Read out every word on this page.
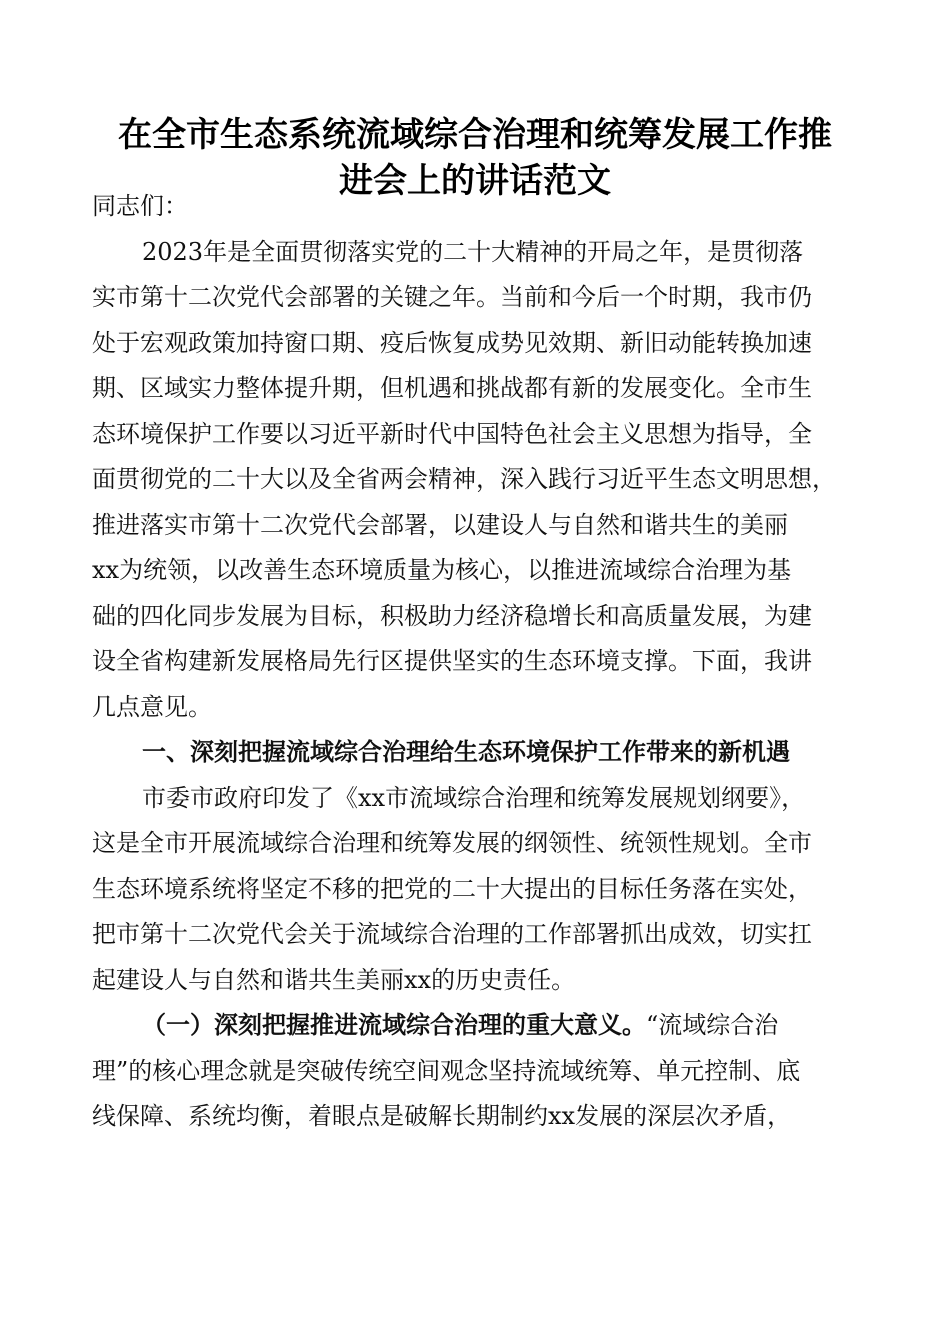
在全市生态系统流域综合治理和统筹发展工作推
进会上的讲话范文
同志们：
2023年是全面贯彻落实党的二十大精神的开局之年，是贯彻落
实市第十二次党代会部署的关键之年。当前和今后一个时期，我市仍
处于宏观政策加持窗口期、疫后恢复成势见效期、新旧动能转换加速
期、区域实力整体提升期，但机遇和挑战都有新的发展变化。全市生
态环境保护工作要以习近平新时代中国特色社会主义思想为指导，全
面贯彻党的二十大以及全省两会精神，深入践行习近平生态文明思想，
推进落实市第十二次党代会部署，以建设人与自然和谐共生的美丽
xx为统领，以改善生态环境质量为核心，以推进流域综合治理为基
础的四化同步发展为目标，积极助力经济稳增长和高质量发展，为建
设全省构建新发展格局先行区提供坚实的生态环境支撑。下面，我讲
几点意见。
一、深刻把握流域综合治理给生态环境保护工作带来的新机遇
市委市政府印发了《xx市流域综合治理和统筹发展规划纲要》，
这是全市开展流域综合治理和统筹发展的纲领性、统领性规划。全市
生态环境系统将坚定不移的把党的二十大提出的目标任务落在实处，
把市第十二次党代会关于流域综合治理的工作部署抓出成效，切实扛
起建设人与自然和谐共生美丽xx的历史责任。
（一）深刻把握推进流域综合治理的重大意义。“流域综合治
理”的核心理念就是突破传统空间观念坚持流域统筹、单元控制、底
线保障、系统均衡，着眼点是破解长期制约xx发展的深层次矛盾，
